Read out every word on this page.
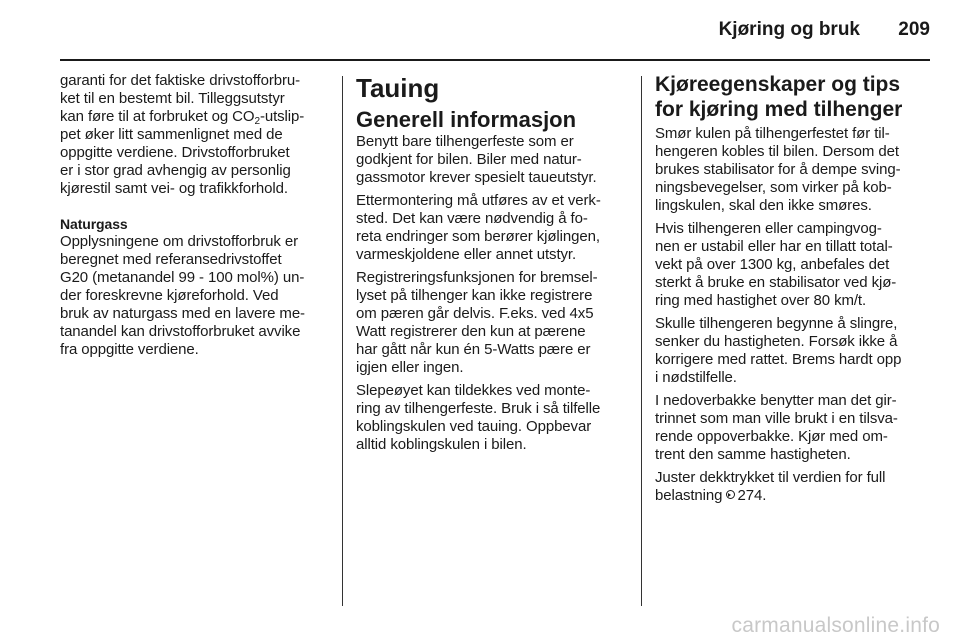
Kjøring og bruk	209
garanti for det faktiske drivstofforbru-
ket til en bestemt bil. Tilleggsutstyr
kan føre til at forbruket og $CO_2-utslip-$
pet øker litt sammenlignet med de
oppgitte verdiene. Drivstofforbruket
er i stor grad avhengig av personlig
kjørestil samt vei- og trafikkforhold.
Naturgass
Opplysningene om drivstofforbruk er
beregnet med referansedrivstoffet
G20 (metanandel 99 - 100 mol%) un-
der foreskrevne kjøreforhold. Ved
bruk av naturgass med en lavere me-
tanandel kan drivstofforbruket avvike
fra oppgitte verdiene.
Tauing
Generell informasjon
Benytt bare tilhengerfeste som er
godkjent for bilen. Biler med natur-
gassmotor krever spesielt taueutstyr.
Ettermontering må utføres av et verk-
sted. Det kan være nødvendig å fo-
reta endringer som berører kjølingen,
varmeskjoldene eller annet utstyr.
Registreringsfunksjonen for bremsel-
lyset på tilhenger kan ikke registrere
om pæren går delvis. F.eks. ved 4x5
Watt registrerer den kun at pærene
har gått når kun én 5-Watts pære er
igjen eller ingen.
Slepeøyet kan tildekkes ved monte-
ring av tilhengerfeste. Bruk i så tilfelle
koblingskulen ved tauing. Oppbevar
alltid koblingskulen i bilen.
Kjøreegenskaper og tips
for kjøring med tilhenger
Smør kulen på tilhengerfestet før til-
hengeren kobles til bilen. Dersom det
brukes stabilisator for å dempe sving-
ningsbevegelser, som virker på kob-
lingskulen, skal den ikke smøres.
Hvis tilhengeren eller campingvog-
nen er ustabil eller har en tillatt total-
vekt på over 1300 kg, anbefales det
sterkt å bruke en stabilisator ved kjø-
ring med hastighet over 80 km/t.
Skulle tilhengeren begynne å slingre,
senker du hastigheten. Forsøk ikke å
korrigere med rattet. Brems hardt opp
i nødstilfelle.
I nedoverbakke benytter man det gir-
trinnet som man ville brukt i en tilsva-
rende oppoverbakke. Kjør med om-
trent den samme hastigheten.
Juster dekktrykket til verdien for full
belastning 274.
carmanualsonline.info
